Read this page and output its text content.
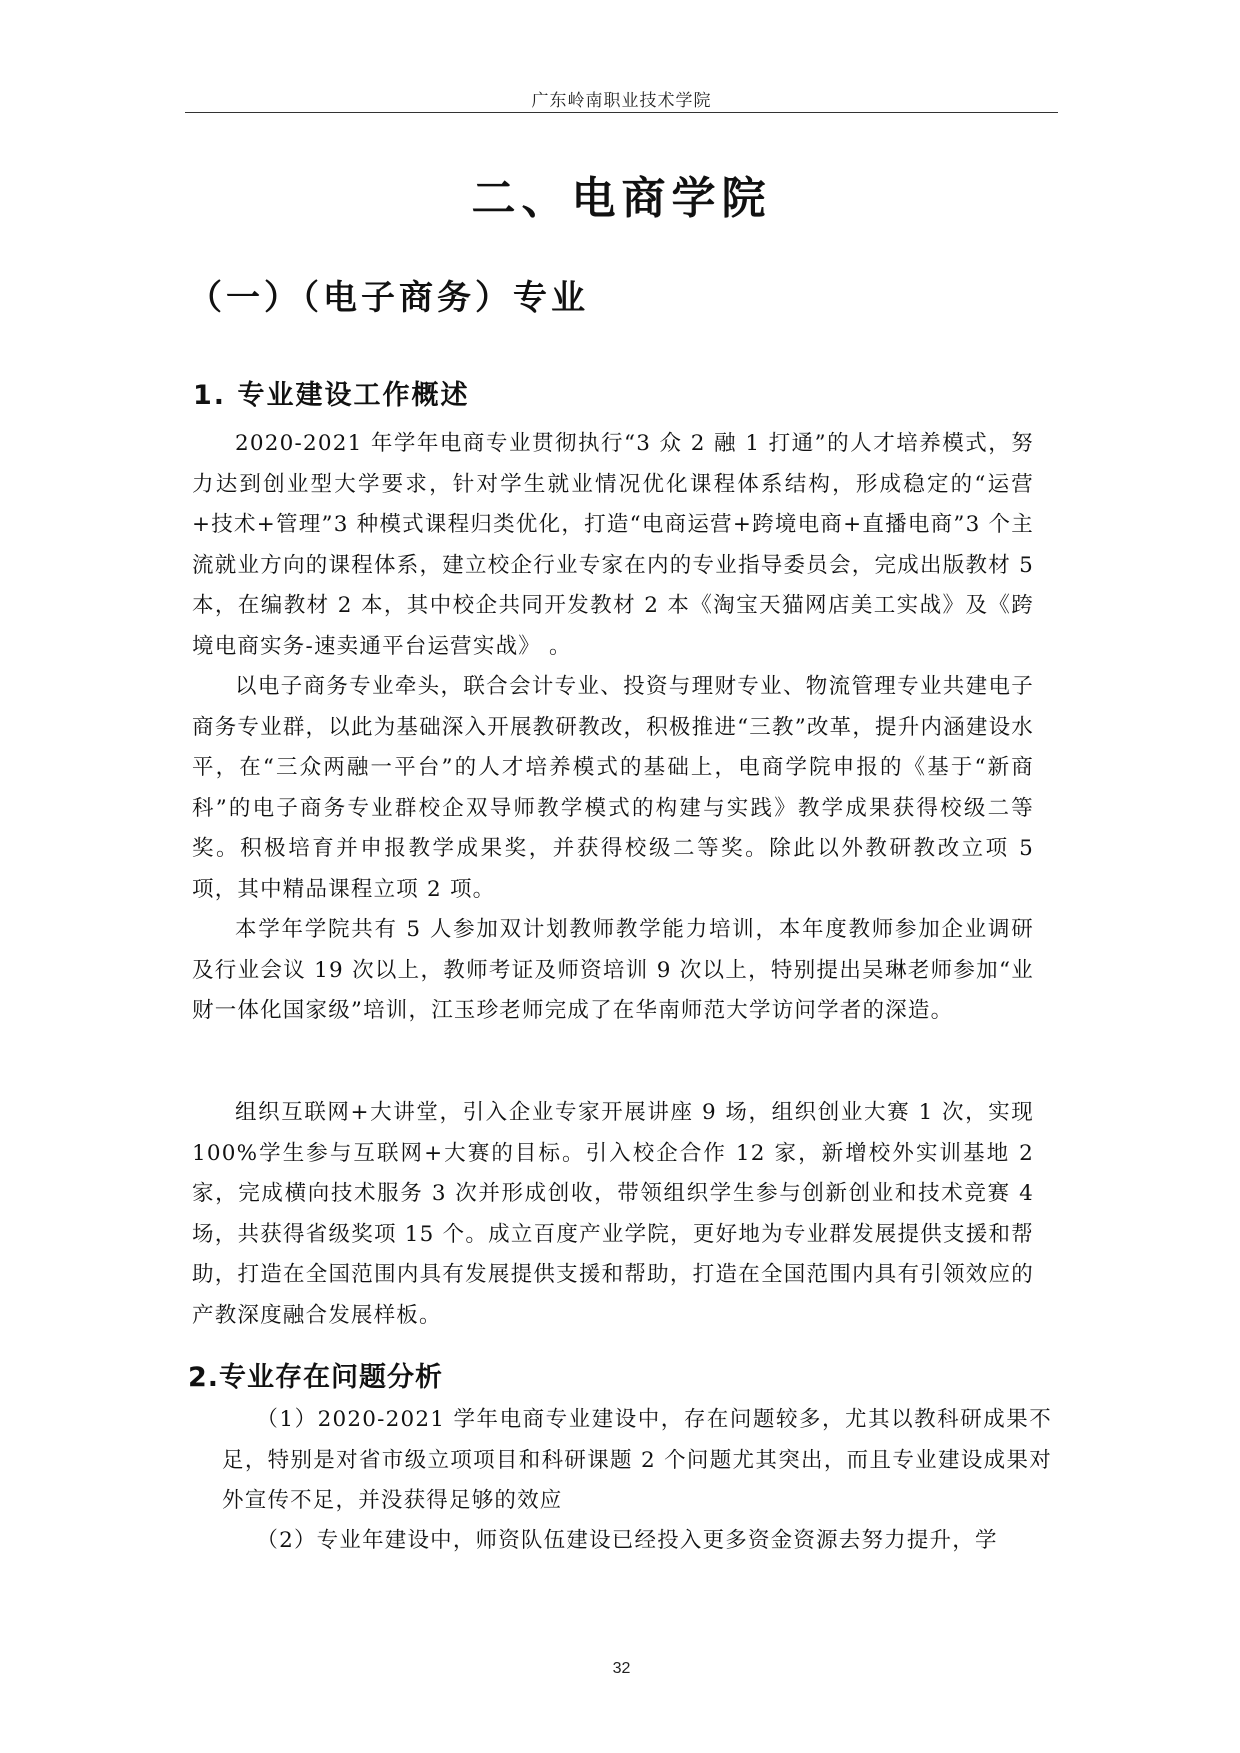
广东岭南职业技术学院
二、电商学院
（一）（电子商务）专业
1. 专业建设工作概述

2020-2021 年学年电商专业贯彻执行“3 众 2 融 1 打通”的人才培养模式，努力达到创业型大学要求，针对学生就业情况优化课程体系结构，形成稳定的“运营+技术+管理”3 种模式课程归类优化，打造“电商运营+跨境电商+直播电商”3 个主流就业方向的课程体系，建立校企行业专家在内的专业指导委员会，完成出版教材 5 本，在编教材 2 本，其中校企共同开发教材 2 本《淘宝天猫网店美工实战》及《跨境电商实务-速卖通平台运营实战》 。

以电子商务专业牵头，联合会计专业、投资与理财专业、物流管理专业共建电子商务专业群，以此为基础深入开展教研教改，积极推进“三教”改革，提升内涵建设水平，在“三众两融一平台”的人才培养模式的基础上，电商学院申报的《基于“新商科”的电子商务专业群校企双导师教学模式的构建与实践》教学成果获得校级二等奖。积极培育并申报教学成果奖，并获得校级二等奖。除此以外教研教改立项 5 项，其中精品课程立项 2 项。

本学年学院共有 5 人参加双计划教师教学能力培训，本年度教师参加企业调研及行业会议 19 次以上，教师考证及师资培训 9 次以上，特别提出吴琳老师参加“业财一体化国家级”培训，江玉珍老师完成了在华南师范大学访问学者的深造。

组织互联网+大讲堂，引入企业专家开展讲座 9 场，组织创业大赛 1 次，实现 100%学生参与互联网+大赛的目标。引入校企合作 12 家，新增校外实训基地 2 家，完成横向技术服务 3 次并形成创收，带领组织学生参与创新创业和技术竞赛 4 场，共获得省级奖项 15 个。成立百度产业学院，更好地为专业群发展提供支援和帮助，打造在全国范围内具有发展提供支援和帮助，打造在全国范围内具有引领效应的产教深度融合发展样板。

2.专业存在问题分析

（1）2020-2021 学年电商专业建设中，存在问题较多，尤其以教科研成果不足，特别是对省市级立项项目和科研课题 2 个问题尤其突出，而且专业建设成果对外宣传不足，并没获得足够的效应

（2）专业年建设中，师资队伍建设已经投入更多资金资源去努力提升，学

32
